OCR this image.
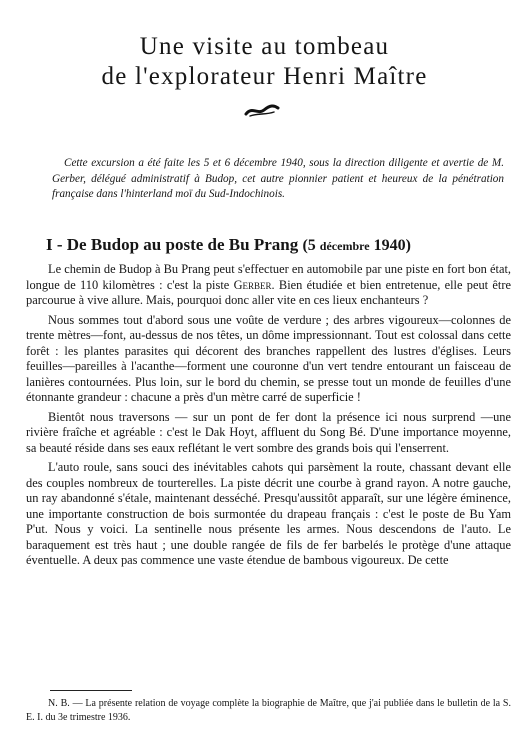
Une visite au tombeau
de l'explorateur Henri Maître

Cette excursion a été faite les 5 et 6 décembre 1940, sous la direction diligente et avertie de M. Gerber, délégué administratif à Budop, cet autre pionnier patient et heureux de la pénétration française dans l'hinterland moï du Sud-Indochinois.

I - De Budop au poste de Bu Prang (5 décembre 1940)

Le chemin de Budop à Bu Prang peut s'effectuer en automobile par une piste en fort bon état, longue de 110 kilomètres : c'est la piste Gerber. Bien étudiée et bien entretenue, elle peut être parcourue à vive allure. Mais, pourquoi donc aller vite en ces lieux enchanteurs ?

Nous sommes tout d'abord sous une voûte de verdure ; des arbres vigoureux—colonnes de trente mètres—font, au-dessus de nos têtes, un dôme impressionnant. Tout est colossal dans cette forêt : les plantes parasites qui décorent des branches rappellent des lustres d'églises. Leurs feuilles—pareilles à l'acanthe—forment une couronne d'un vert tendre entourant un faisceau de lanières contournées. Plus loin, sur le bord du chemin, se presse tout un monde de feuilles d'une étonnante grandeur : chacune a près d'un mètre carré de superficie !

Bientôt nous traversons — sur un pont de fer dont la présence ici nous surprend —une rivière fraîche et agréable : c'est le Dak Hoyt, affluent du Song Bé. D'une importance moyenne, sa beauté réside dans ses eaux reflétant le vert sombre des grands bois qui l'enserrent.

L'auto roule, sans souci des inévitables cahots qui parsèment la route, chassant devant elle des couples nombreux de tourterelles. La piste décrit une courbe à grand rayon. A notre gauche, un ray abandonné s'étale, maintenant desséché. Presqu'aussitôt apparaît, sur une légère éminence, une importante construction de bois surmontée du drapeau français : c'est le poste de Bu Yam P'ut. Nous y voici. La sentinelle nous présente les armes. Nous descendons de l'auto. Le baraquement est très haut ; une double rangée de fils de fer barbelés le protège d'une attaque éventuelle. A deux pas commence une vaste étendue de bambous vigoureux. De cette

N. B. — La présente relation de voyage complète la biographie de Maître, que j'ai publiée dans le bulletin de la S. E. I. du 3e trimestre 1936.
